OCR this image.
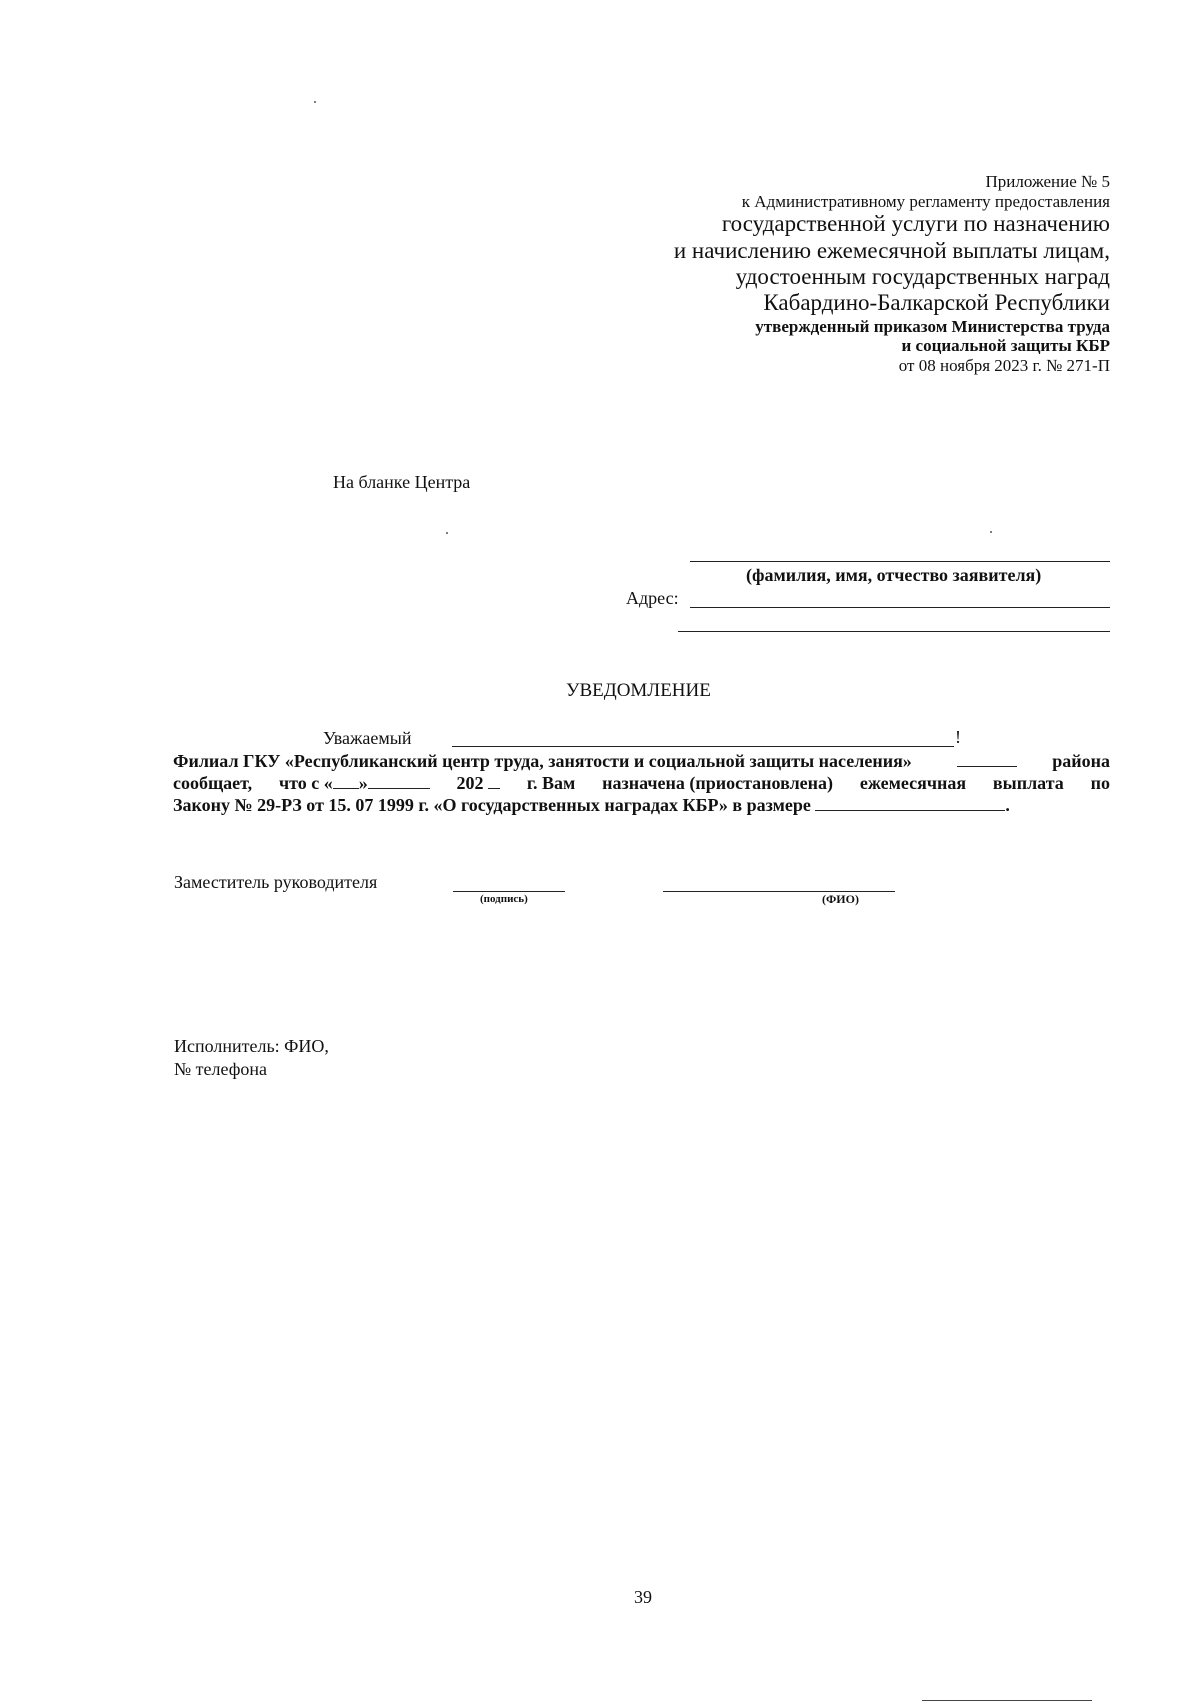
Приложение № 5
к Административному регламенту предоставления
государственной услуги по назначению
и начислению ежемесячной выплаты лицам,
удостоенным государственных наград
Кабардино-Балкарской Республики
утвержденный приказом Министерства труда
и социальной защиты КБР
от 08 ноября 2023 г. № 271-П
На бланке Центра
(фамилия, имя, отчество заявителя)
Адрес:
УВЕДОМЛЕНИЕ
Уважаемый	!
Филиал ГКУ «Республиканский центр труда, занятости и социальной защиты населения»	района
сообщает, что с « »	202	г. Вам назначена (приостановлена) ежемесячная выплата по
Закону № 29-РЗ от 15. 07 1999 г. «О государственных наградах КБР» в размере	.
Заместитель руководителя
(подпись)	(ФИО)
Исполнитель: ФИО,
№ телефона
39
